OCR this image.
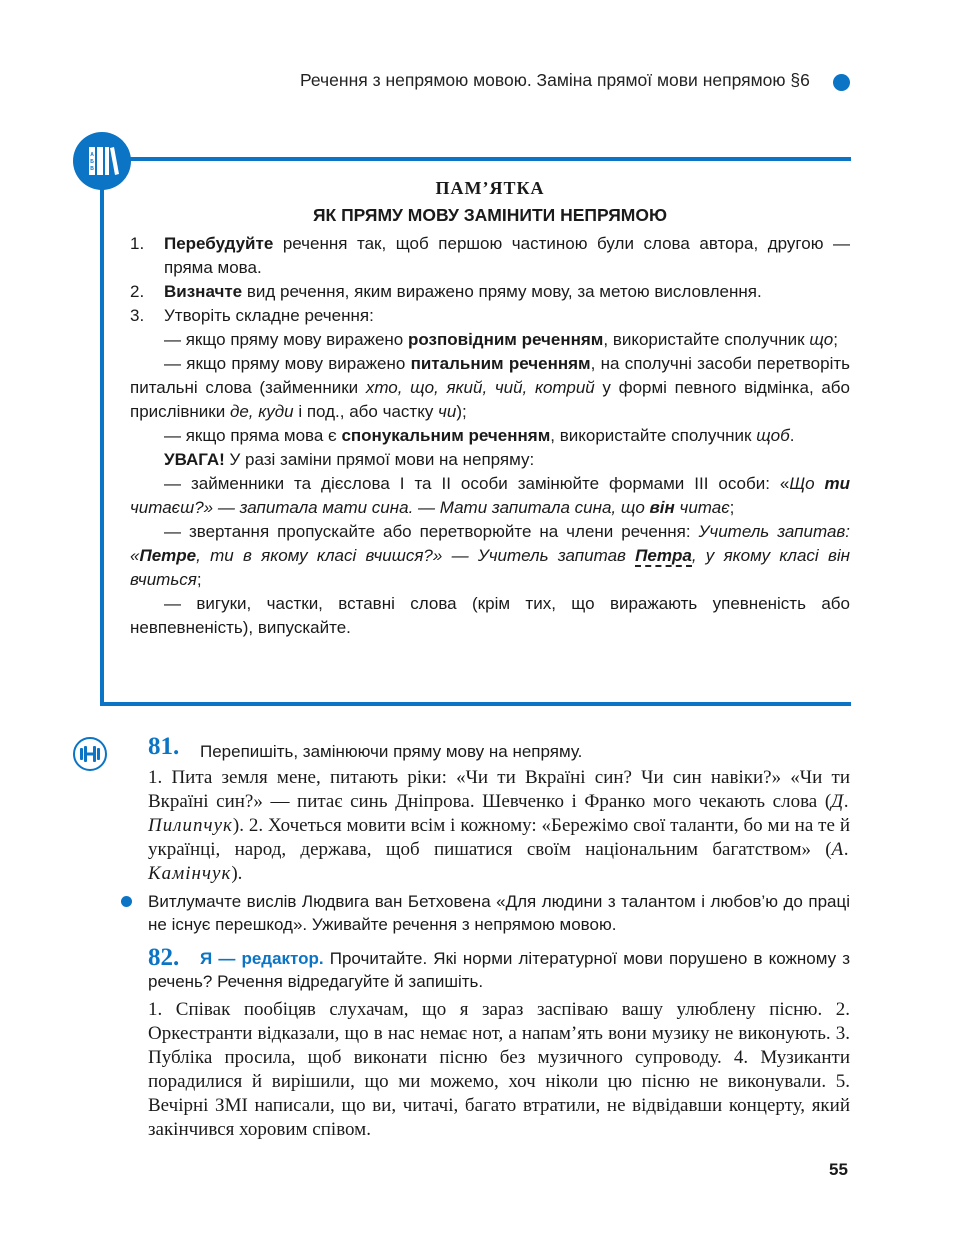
Речення з непрямою мовою. Заміна прямої мови непрямою §6
А
Б
В
ПАМ’ЯТКА
ЯК ПРЯМУ МОВУ ЗАМІНИТИ НЕПРЯМОЮ
1.	Перебудуйте речення так, щоб першою частиною були слова автора, другою — пряма мова.
2.	Визначте вид речення, яким виражено пряму мову, за метою висловлення.
3.	Утворіть складне речення:

— якщо пряму мову виражено розповідним реченням, використайте сполучник що;

— якщо пряму мову виражено питальним реченням, на сполучні засоби перетворіть питальні слова (займенники хто, що, який, чий, котрий у формі певного відмінка, або прислівники де, куди і под., або частку чи);

— якщо пряма мова є спонукальним реченням, використайте сполучник щоб.

УВАГА! У разі заміни прямої мови на непряму:

— займенники та дієслова I та II особи замінюйте формами III особи: «Що ти читаєш?» — запитала мати сина. — Мати запитала сина, що він читає;

— звертання пропускайте або перетворюйте на члени речення: Учитель запитав: «Петре, ти в якому класі вчишся?» — Учитель запитав Петра, у якому класі він вчиться;

— вигуки, частки, вставні слова (крім тих, що виражають упевненість або невпевненість), випускайте.

81. Перепишіть, замінюючи пряму мову на непряму.
1. Пита земля мене, питають ріки: «Чи ти Вкраїні син? Чи син навіки?» «Чи ти Вкраїні син?» — питає синь Дніпрова. Шевченко і Франко мого чекають слова (Д. Пилипчук). 2. Хочеться мовити всім і кожному: «Бережімо свої таланти, бо ми на те й українці, народ, держава, щоб пишатися своїм національним багатством» (А. Камінчук).
Витлумачте вислів Людвига ван Бетховена «Для людини з талантом і любов’ю до праці не існує перешкод». Уживайте речення з непрямою мовою.
82.	Я — редактор. Прочитайте. Які норми літературної мови порушено в кожному з речень? Речення відредагуйте й запишіть.
1. Співак пообіцяв слухачам, що я зараз заспіваю вашу улюблену пісню. 2. Оркестранти відказали, що в нас немає нот, а напам’ять вони музику не виконують. 3. Публіка просила, щоб виконати пісню без музичного супроводу. 4. Музиканти порадилися й вирішили, що ми можемо, хоч ніколи цю пісню не виконували. 5. Вечірні ЗМІ написали, що ви, читачі, багато втратили, не відвідавши концерту, який закінчився хоровим співом.
55
